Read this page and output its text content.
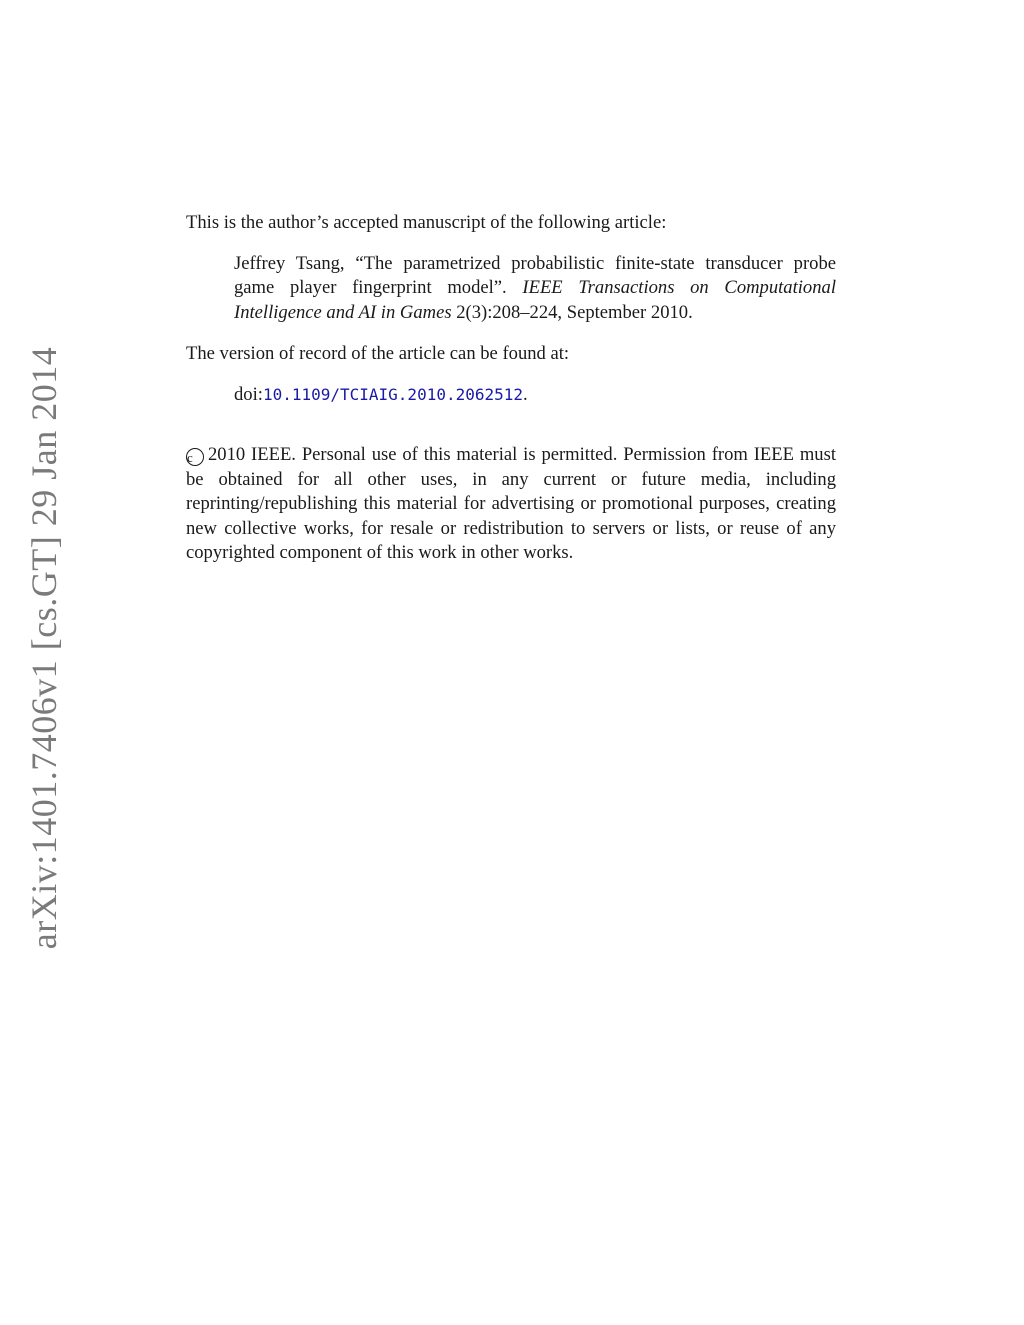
arXiv:1401.7406v1 [cs.GT] 29 Jan 2014

This is the author’s accepted manuscript of the following article:

Jeffrey Tsang, “The parametrized probabilistic finite-state transducer probe game player fingerprint model”. IEEE Transactions on Computational Intelligence and AI in Games 2(3):208–224, September 2010.

The version of record of the article can be found at:

doi:10.1109/TCIAIG.2010.2062512.

c 2010 IEEE. Personal use of this material is permitted. Permission from IEEE must be obtained for all other uses, in any current or future media, including reprinting/republishing this material for advertising or promotional purposes, creating new collective works, for resale or redistribution to servers or lists, or reuse of any copyrighted component of this work in other works.
